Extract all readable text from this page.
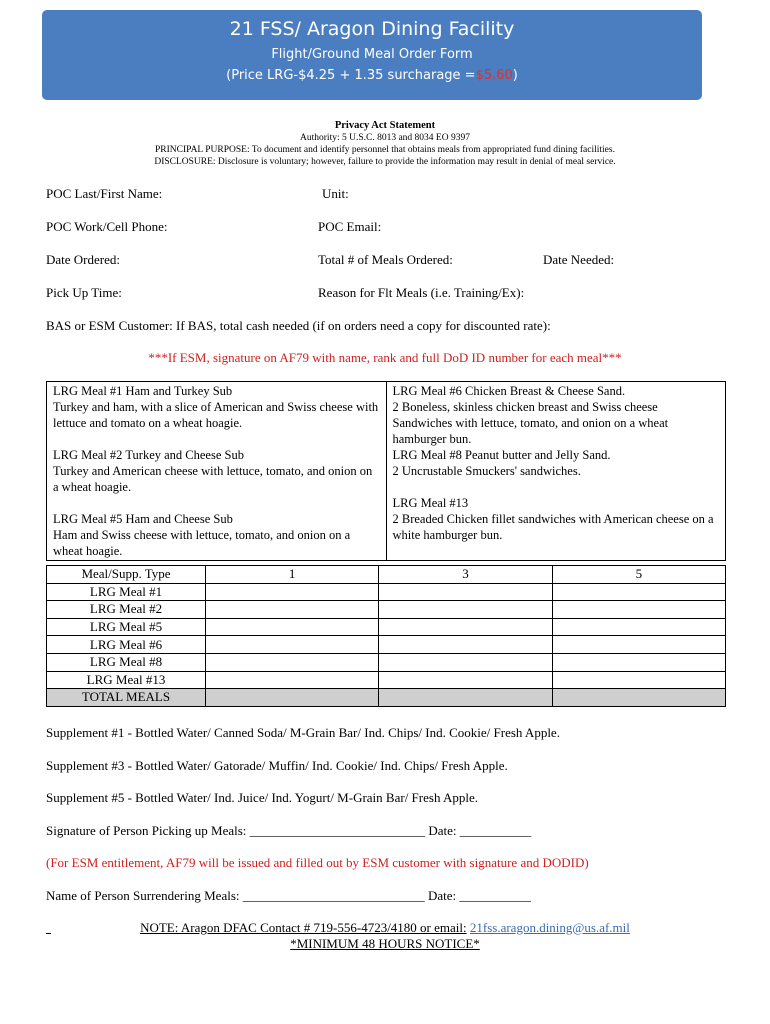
21 FSS/ Aragon Dining Facility
Flight/Ground Meal Order Form
(Price LRG-$4.25 + 1.35 surcharage =$5.60)
Privacy Act Statement
Authority: 5 U.S.C. 8013 and 8034 EO 9397
PRINCIPAL PURPOSE: To document and identify personnel that obtains meals from appropriated fund dining facilities.
DISCLOSURE: Disclosure is voluntary; however, failure to provide the information may result in denial of meal service.
POC Last/First Name:	Unit:
POC Work/Cell Phone:	POC Email:
Date Ordered:	Total # of Meals Ordered:	Date Needed:
Pick Up Time:	Reason for Flt Meals (i.e. Training/Ex):
BAS or ESM Customer: If BAS, total cash needed (if on orders need a copy for discounted rate):
***If ESM, signature on AF79 with name, rank and full DoD ID number for each meal***
LRG Meal #1 Ham and Turkey Sub
Turkey and ham, with a slice of American and Swiss cheese with lettuce and tomato on a wheat hoagie.
LRG Meal #2 Turkey and Cheese Sub
Turkey and American cheese with lettuce, tomato, and onion on a wheat hoagie.
LRG Meal #5 Ham and Cheese Sub
Ham and Swiss cheese with lettuce, tomato, and onion on a wheat hoagie.

LRG Meal #6 Chicken Breast & Cheese Sand.
2 Boneless, skinless chicken breast and Swiss cheese Sandwiches with lettuce, tomato, and onion on a wheat hamburger bun.
LRG Meal #8 Peanut butter and Jelly Sand.
2 Uncrustable Smuckers' sandwiches.
LRG Meal #13
2 Breaded Chicken fillet sandwiches with American cheese on a white hamburger bun.
Meal/Supp. Type	1	3	5
LRG Meal #1			
LRG Meal #2			
LRG Meal #5			
LRG Meal #6			
LRG Meal #8			
LRG Meal #13			
TOTAL MEALS			
Supplement #1 - Bottled Water/ Canned Soda/ M-Grain Bar/ Ind. Chips/ Ind. Cookie/ Fresh Apple.
Supplement #3 - Bottled Water/ Gatorade/ Muffin/ Ind. Cookie/ Ind. Chips/ Fresh Apple.
Supplement #5 - Bottled Water/ Ind. Juice/ Ind. Yogurt/ M-Grain Bar/ Fresh Apple.
Signature of Person Picking up Meals: ___________________________ Date: ___________
(For ESM entitlement, AF79 will be issued and filled out by ESM customer with signature and DODID)
Name of Person Surrendering Meals: ____________________________ Date: ___________
NOTE: Aragon DFAC Contact # 719-556-4723/4180 or email: 21fss.aragon.dining@us.af.mil
*MINIMUM 48 HOURS NOTICE*
